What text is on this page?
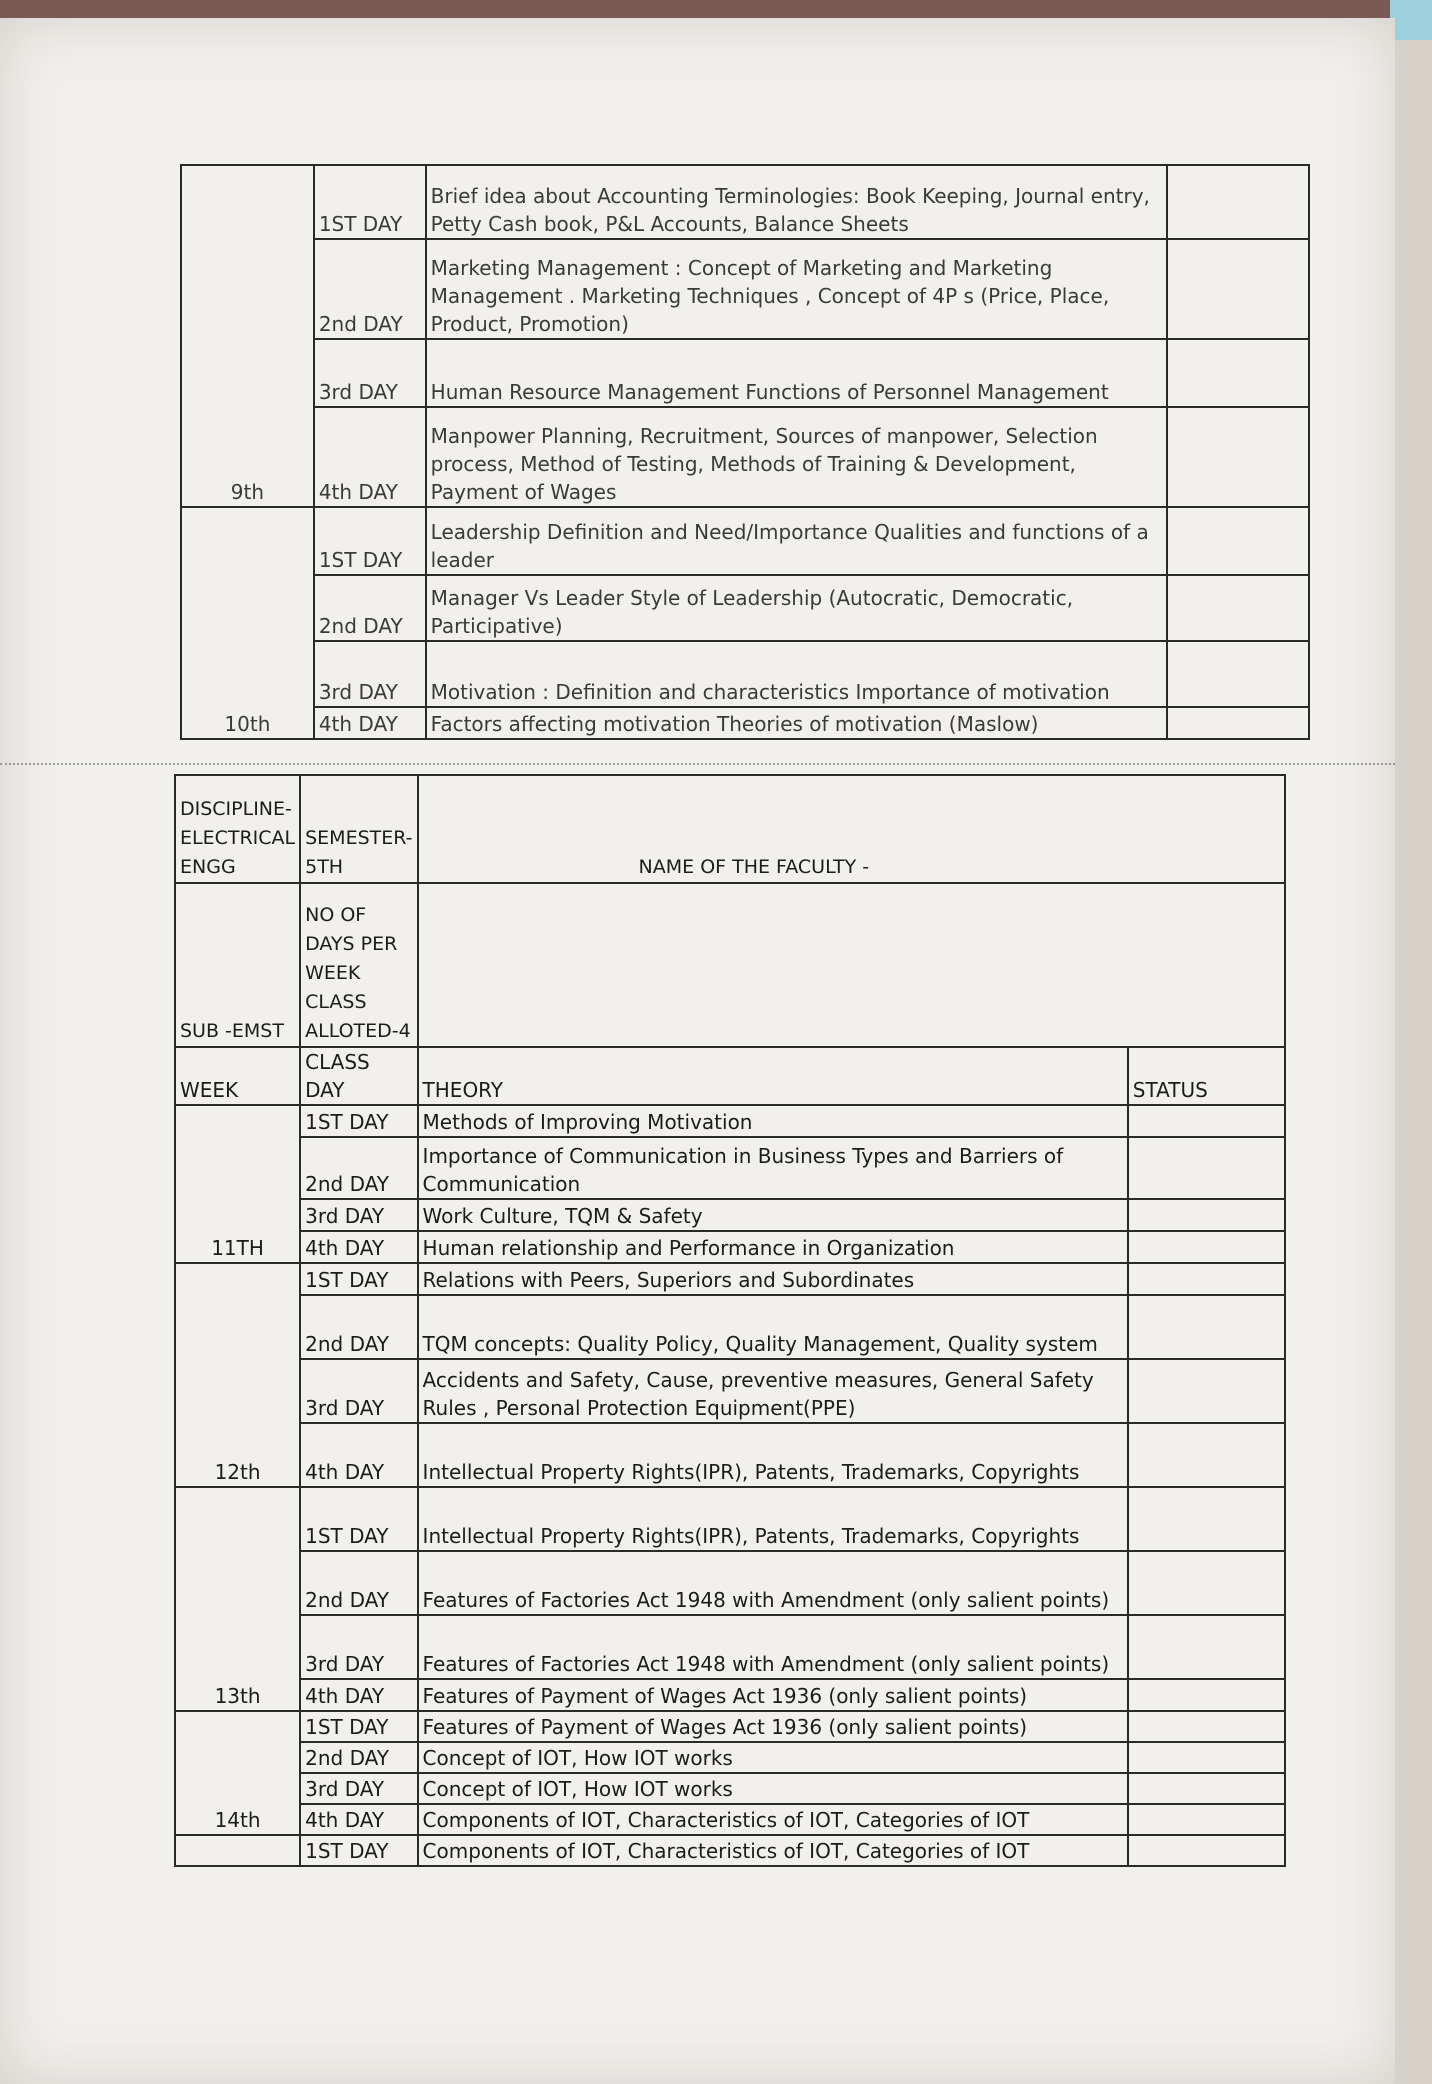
	1ST DAY	Brief idea about Accounting Terminologies: Book Keeping, Journal entry, Petty Cash book, P&L Accounts, Balance Sheets	
	2nd DAY	Marketing Management : Concept of Marketing and Marketing Management . Marketing Techniques , Concept of 4P s (Price, Place, Product, Promotion)	
	3rd DAY	Human Resource Management Functions of Personnel Management	
9th	4th DAY	Manpower Planning, Recruitment, Sources of manpower, Selection process, Method of Testing, Methods of Training & Development, Payment of Wages	
	1ST DAY	Leadership Definition and Need/Importance Qualities and functions of a leader	
	2nd DAY	Manager Vs Leader Style of Leadership (Autocratic, Democratic, Participative)	
	3rd DAY	Motivation : Definition and characteristics Importance of motivation	
10th	4th DAY	Factors affecting motivation Theories of motivation (Maslow)	
DISCIPLINE- ELECTRICAL ENGG	SEMESTER- 5TH	NAME OF THE FACULTY -	
SUB -EMST	NO OF DAYS PER WEEK CLASS ALLOTED-4		
WEEK	CLASS DAY	THEORY	STATUS
	1ST DAY	Methods of Improving Motivation	
	2nd DAY	Importance of Communication in Business Types and Barriers of Communication	
	3rd DAY	Work Culture, TQM & Safety	
11TH	4th DAY	Human relationship and Performance in Organization	
	1ST DAY	Relations with Peers, Superiors and Subordinates	
	2nd DAY	TQM concepts: Quality Policy, Quality Management, Quality system	
	3rd DAY	Accidents and Safety, Cause, preventive measures, General Safety Rules , Personal Protection Equipment(PPE)	
12th	4th DAY	Intellectual Property Rights(IPR), Patents, Trademarks, Copyrights	
	1ST DAY	Intellectual Property Rights(IPR), Patents, Trademarks, Copyrights	
	2nd DAY	Features of Factories Act 1948 with Amendment (only salient points)	
	3rd DAY	Features of Factories Act 1948 with Amendment (only salient points)	
13th	4th DAY	Features of Payment of Wages Act 1936 (only salient points)	
	1ST DAY	Features of Payment of Wages Act 1936 (only salient points)	
	2nd DAY	Concept of IOT, How IOT works	
	3rd DAY	Concept of IOT, How IOT works	
14th	4th DAY	Components of IOT, Characteristics of IOT, Categories of IOT	
	1ST DAY	Components of IOT, Characteristics of IOT, Categories of IOT	
